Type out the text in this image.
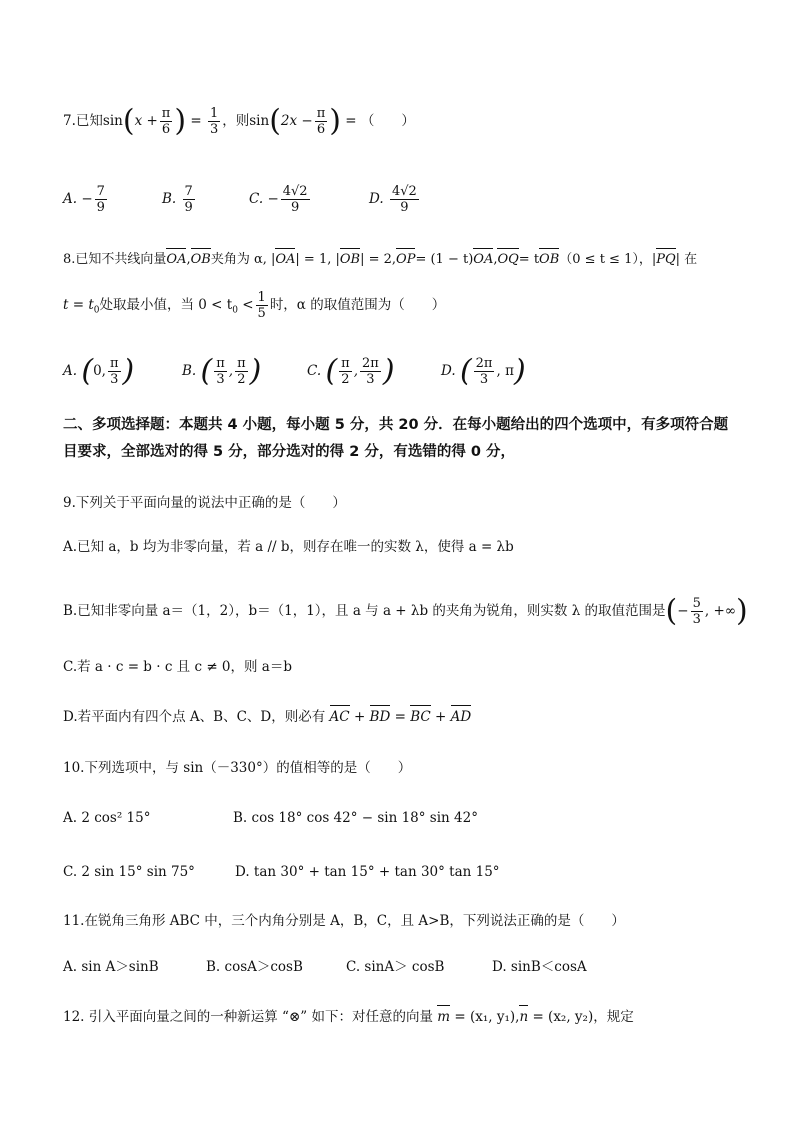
7.已知$\sin(x + \frac{\pi}{6}$ ) = $\frac{1}{3}$ ，则$\sin(2x - \frac{\pi}{6}$ ) = （　　）
A. − $\frac{7}{9}$	B. $\frac{7}{9}$	C. − $\frac{4√2}{9}$	D. $\frac{4√2}{9}$
8.已知不共线向量OA,OB夹角为 α, |OA| = 1, |OB| = 2,OP= (1 − t)OA,OQ= tOB（0 ≤ t ≤ 1），|PQ| 在
$t = t_0$处取最小值，当 $0 < t_0 < \frac{1}{5}$ 时，α 的取值范围为（　　）
A. (0, $\frac{\pi}{3}$ )	B. ( $\frac{\pi}{3}$ , $\frac{\pi}{2}$ )	C. ( $\frac{\pi}{2}$ , $\frac{2\pi}{3}$ )	D. ( $\frac{2\pi}{3}$ , π)
二、多项选择题：本题共 4 小题，每小题 5 分，共 20 分．在每小题给出的四个选项中，有多项符合题目要求，全部选对的得 5 分，部分选对的得 2 分，有选错的得 0 分，
9.下列关于平面向量的说法中正确的是（　　）
A.已知 a，b 均为非零向量，若 a // b，则存在唯一的实数 λ，使得 a = λb
B.已知非零向量 a＝（1，2），b＝（1，1），且 a 与 a + λb 的夹角为锐角，则实数 λ 的取值范围是(− $\frac{5}{3}$ , +∞)
C.若 a · c = b · c 且 c ≠ 0，则 a＝b
D.若平面内有四个点 A、B、C、D，则必有 AC + BD = BC + AD
10.下列选项中，与 sin（－330°）的值相等的是（　　）
A. 2 cos² 15°	B. cos 18° cos 42° − sin 18° sin 42°
C. 2 sin 15° sin 75°	D. tan 30° + tan 15° + tan 30° tan 15°
11.在锐角三角形 ABC 中，三个内角分别是 A，B，C，且 A>B，下列说法正确的是（　　）
A. sin A＞sinB	B. cosA＞cosB	C. sinA＞ cosB	D. sinB＜cosA
12. 引入平面向量之间的一种新运算 “⊗” 如下：对任意的向量 m = (x₁, y₁),n = (x₂, y₂)，规定
